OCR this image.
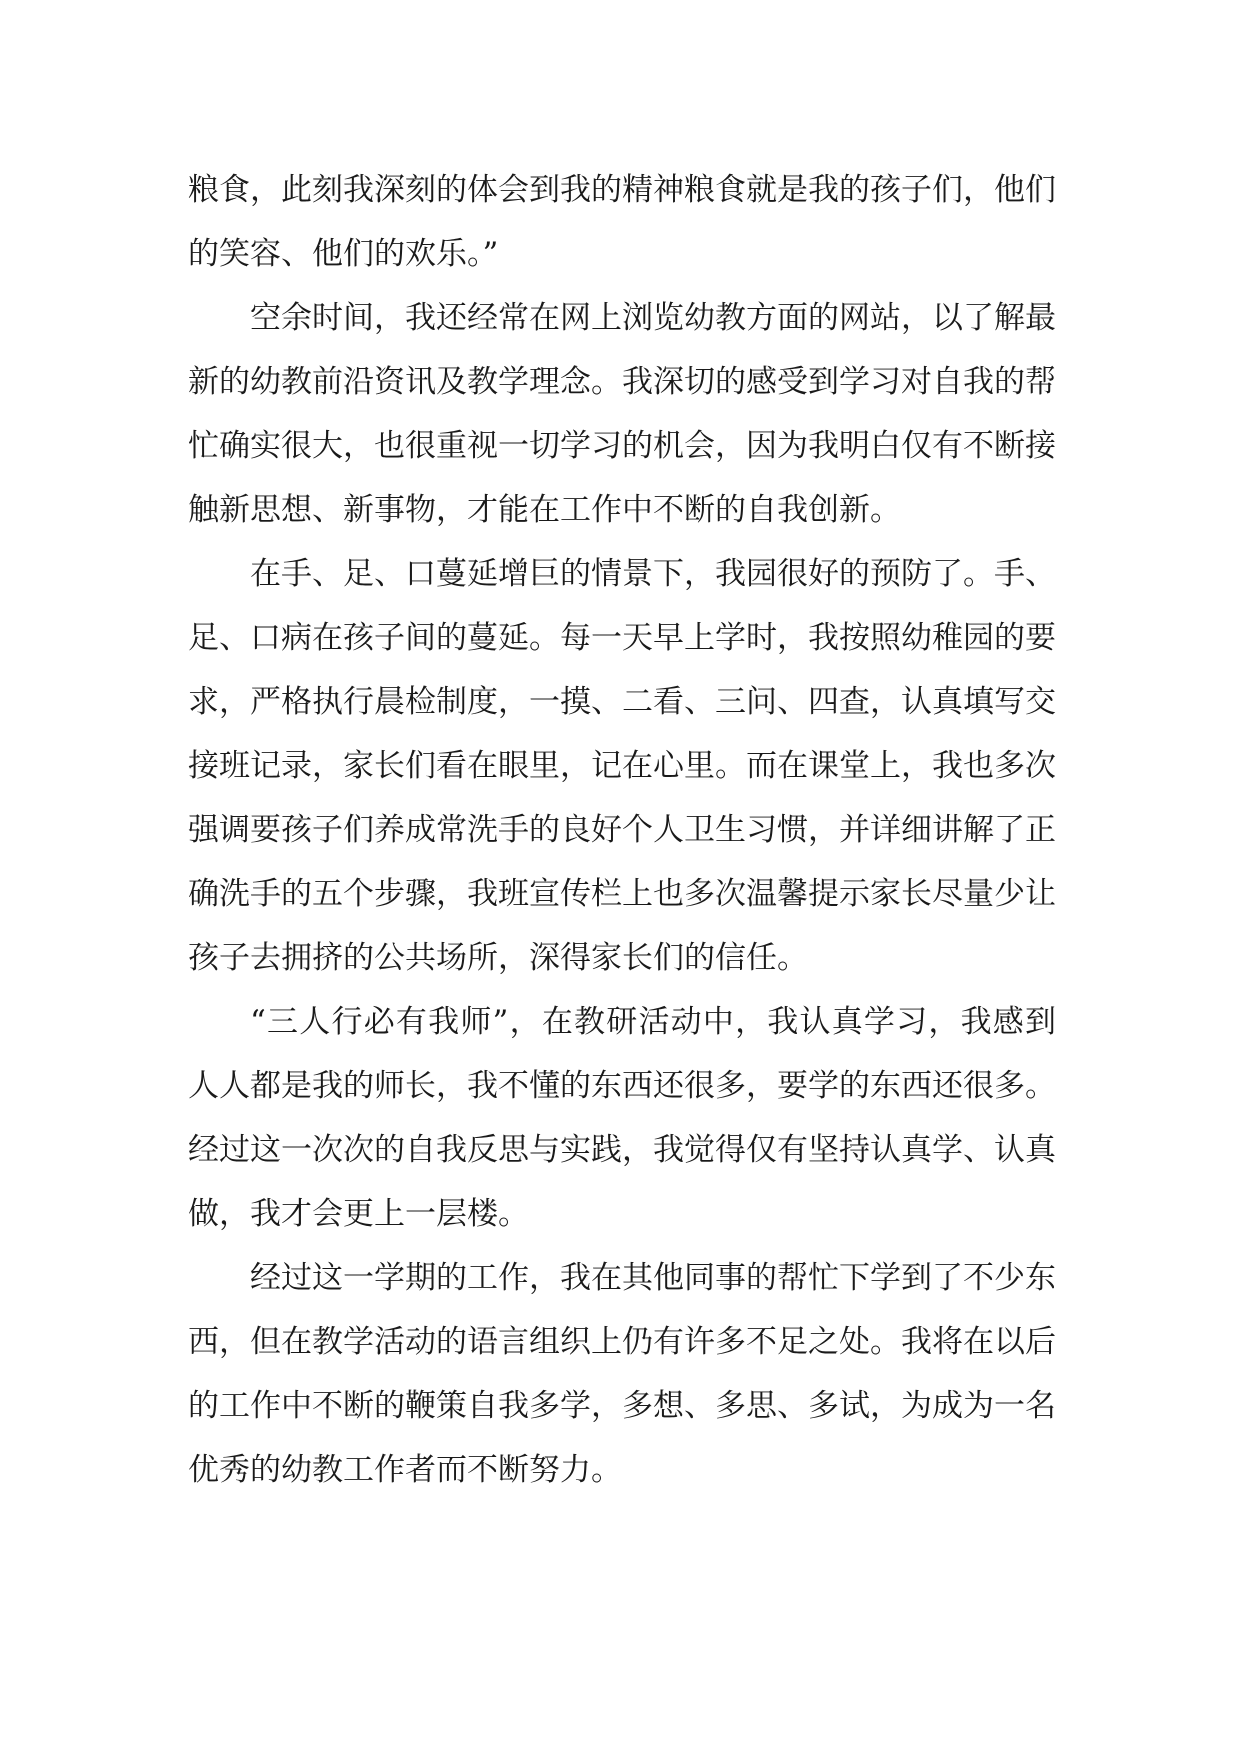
粮食，此刻我深刻的体会到我的精神粮食就是我的孩子们，他们的笑容、他们的欢乐。”

空余时间，我还经常在网上浏览幼教方面的网站，以了解最新的幼教前沿资讯及教学理念。我深切的感受到学习对自我的帮忙确实很大，也很重视一切学习的机会，因为我明白仅有不断接触新思想、新事物，才能在工作中不断的自我创新。

在手、足、口蔓延增巨的情景下，我园很好的预防了。手、足、口病在孩子间的蔓延。每一天早上学时，我按照幼稚园的要求，严格执行晨检制度，一摸、二看、三问、四查，认真填写交接班记录，家长们看在眼里，记在心里。而在课堂上，我也多次强调要孩子们养成常洗手的良好个人卫生习惯，并详细讲解了正确洗手的五个步骤，我班宣传栏上也多次温馨提示家长尽量少让孩子去拥挤的公共场所，深得家长们的信任。

“三人行必有我师”，在教研活动中，我认真学习，我感到人人都是我的师长，我不懂的东西还很多，要学的东西还很多。经过这一次次的自我反思与实践，我觉得仅有坚持认真学、认真做，我才会更上一层楼。

经过这一学期的工作，我在其他同事的帮忙下学到了不少东西，但在教学活动的语言组织上仍有许多不足之处。我将在以后的工作中不断的鞭策自我多学，多想、多思、多试，为成为一名优秀的幼教工作者而不断努力。
